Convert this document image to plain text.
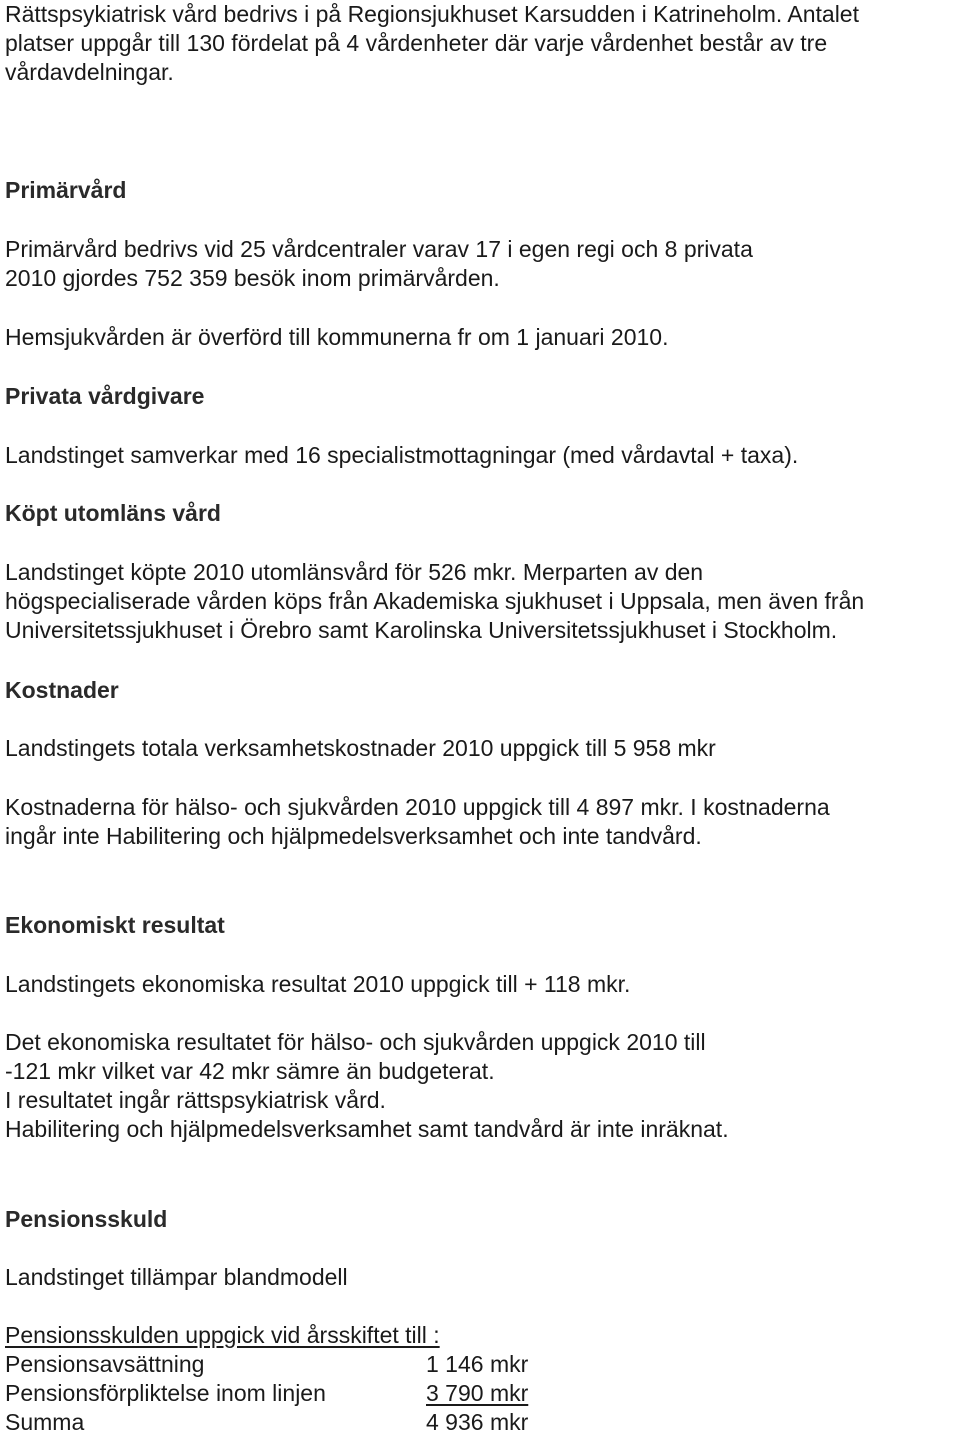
Rättspsykiatrisk vård bedrivs i på Regionsjukhuset Karsudden i Katrineholm. Antalet
platser uppgår till 130 fördelat på 4 vårdenheter där varje vårdenhet består av tre
vårdavdelningar.
Primärvård
Primärvård bedrivs vid 25 vårdcentraler varav 17 i egen regi och 8 privata
2010 gjordes 752 359 besök inom primärvården.
Hemsjukvården är överförd till kommunerna fr om 1 januari 2010.
Privata vårdgivare
Landstinget samverkar med 16 specialistmottagningar (med vårdavtal + taxa).
Köpt utomläns vård
Landstinget köpte 2010 utomlänsvård för 526 mkr. Merparten av den
högspecialiserade vården köps från Akademiska sjukhuset i Uppsala, men även från
Universitetssjukhuset i Örebro samt Karolinska Universitetssjukhuset i Stockholm.
Kostnader
Landstingets totala verksamhetskostnader 2010 uppgick till 5 958 mkr
Kostnaderna för hälso- och sjukvården 2010 uppgick till 4 897 mkr. I kostnaderna
ingår inte Habilitering och hjälpmedelsverksamhet och inte tandvård.
Ekonomiskt resultat
Landstingets ekonomiska resultat 2010 uppgick till + 118 mkr.
Det ekonomiska resultatet för hälso- och sjukvården uppgick 2010 till
-121 mkr vilket var 42 mkr sämre än budgeterat.
I resultatet ingår rättspsykiatrisk vård.
Habilitering och hjälpmedelsverksamhet samt tandvård är inte inräknat.
Pensionsskuld
Landstinget tillämpar blandmodell
Pensionsskulden uppgick vid årsskiftet till :
Pensionsavsättning	1 146 mkr
Pensionsförpliktelse inom linjen	3 790 mkr
Summa	4 936 mkr
